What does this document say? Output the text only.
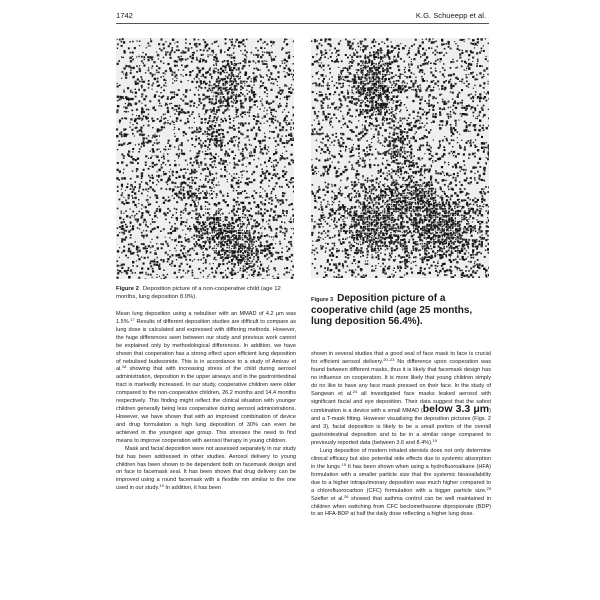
1742	K.G. Schueepp et al.
Figure 2 Deposition picture of a non-cooperative child (age 12 months, lung deposition 8.0%).	Figure 3 Deposition picture of a cooperative child (age 25 months, lung deposition 56.4%).

Mean lung deposition using a nebuliser with an MMAD of 4.2 μm was 1.5%.$^{17}$ Results of different deposition studies are difficult to compare as lung dose is calculated and expressed with differing methods. However, the huge differences seen between our study and previous work cannot be explained only by methodological differences. In addition, we have shown that cooperation has a strong effect upon efficient lung deposition of nebulised budesonide. This is in accordance to a study of Amirav et al.$^{18}$ showing that with increasing stress of the child during aerosol administration, deposition in the upper airways and in the gastrointestinal tract is markedly increased. In our study, cooperative children were older compared to the non-cooperative children, 26.2 months and 14.4 months respectively. This finding might reflect the clinical situation with younger children generally being less cooperative during aerosol administrations. However, we have shown that with an improved combination of device and drug formulation a high lung deposition of 30% can even be achieved in the youngest age group. This stresses the need to find means to improve cooperation with aerosol therapy in young children.

Mask and facial deposition were not assessed separately in our study but has been addressed in other studies. Aerosol delivery to young children has been shown to be dependent both on facemask design and on face to facemask seal. It has been shown that drug delivery can be improved using a round facemask with a flexible rim similar to the one used in our study.$^{19}$ In addition, it has been

shown in several studies that a good seal of face mask to face is crucial for efficient aerosol delivery.$^{20-23}$ No difference upon cooperation was found between different masks, thus it is likely that facemask design has no influence on cooperation. It is more likely that young children simply do no like to have any face mask pressed on their face. In the study of Sangwan et al.$^{24}$ all investigated face masks leaked aerosol with significant facial and eye deposition. Their data suggest that the safest combination is a device with a small MMAD (below 3.3 μm) and a T-mask fitting. However visualising the deposition pictures (Figs. 2 and 3), facial deposition is likely to be a small portion of the overall gastrointestinal deposition and to be in a similar range compared to previously reported data (between 3.6 and 8.4%).$^{19}$

Lung deposition of modern inhaled steroids does not only determine clinical efficacy but also potential side effects due to systemic absorption in the lungs.$^{15}$ It has been shown when using a hydrofluoroalkane (HFA) formulation with a smaller particle size that the systemic bioavailability due to a higher intrapulmonary deposition was much higher compared to a chlorofluorocarbon (CFC) formulation with a bigger particle size.$^{25}$ Szefler et al.$^{26}$ showed that asthma control can be well maintained in children when switching from CFC beclomethasone dipropionate (BDP) to an HFA-BDP at half the daily dose reflecting a higher lung dose.
